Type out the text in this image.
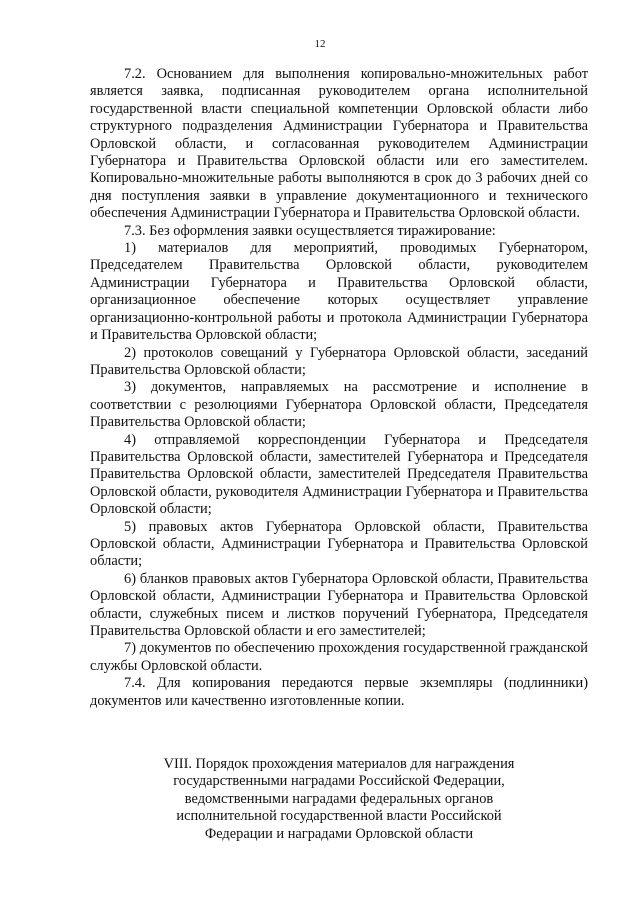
12

7.2. Основанием для выполнения копировально-множительных работ является заявка, подписанная руководителем органа исполнительной государственной власти специальной компетенции Орловской области либо структурного подразделения Администрации Губернатора и Правительства Орловской области, и согласованная руководителем Администрации Губернатора и Правительства Орловской области или его заместителем. Копировально-множительные работы выполняются в срок до 3 рабочих дней со дня поступления заявки в управление документационного и технического обеспечения Администрации Губернатора и Правительства Орловской области.

7.3. Без оформления заявки осуществляется тиражирование:

1) материалов для мероприятий, проводимых Губернатором, Председателем Правительства Орловской области, руководителем Администрации Губернатора и Правительства Орловской области, организационное обеспечение которых осуществляет управление организационно-контрольной работы и протокола Администрации Губернатора и Правительства Орловской области;

2) протоколов совещаний у Губернатора Орловской области, заседаний Правительства Орловской области;

3) документов, направляемых на рассмотрение и исполнение в соответствии с резолюциями Губернатора Орловской области, Председателя Правительства Орловской области;

4) отправляемой корреспонденции Губернатора и Председателя Правительства Орловской области, заместителей Губернатора и Председателя Правительства Орловской области, заместителей Председателя Правительства Орловской области, руководителя Администрации Губернатора и Правительства Орловской области;

5) правовых актов Губернатора Орловской области, Правительства Орловской области, Администрации Губернатора и Правительства Орловской области;

6) бланков правовых актов Губернатора Орловской области, Правительства Орловской области, Администрации Губернатора и Правительства Орловской области, служебных писем и листков поручений Губернатора, Председателя Правительства Орловской области и его заместителей;

7) документов по обеспечению прохождения государственной гражданской службы Орловской области.

7.4. Для копирования передаются первые экземпляры (подлинники) документов или качественно изготовленные копии.

VIII. Порядок прохождения материалов для награждения
государственными наградами Российской Федерации,
ведомственными наградами федеральных органов
исполнительной государственной власти Российской
Федерации и наградами Орловской области
